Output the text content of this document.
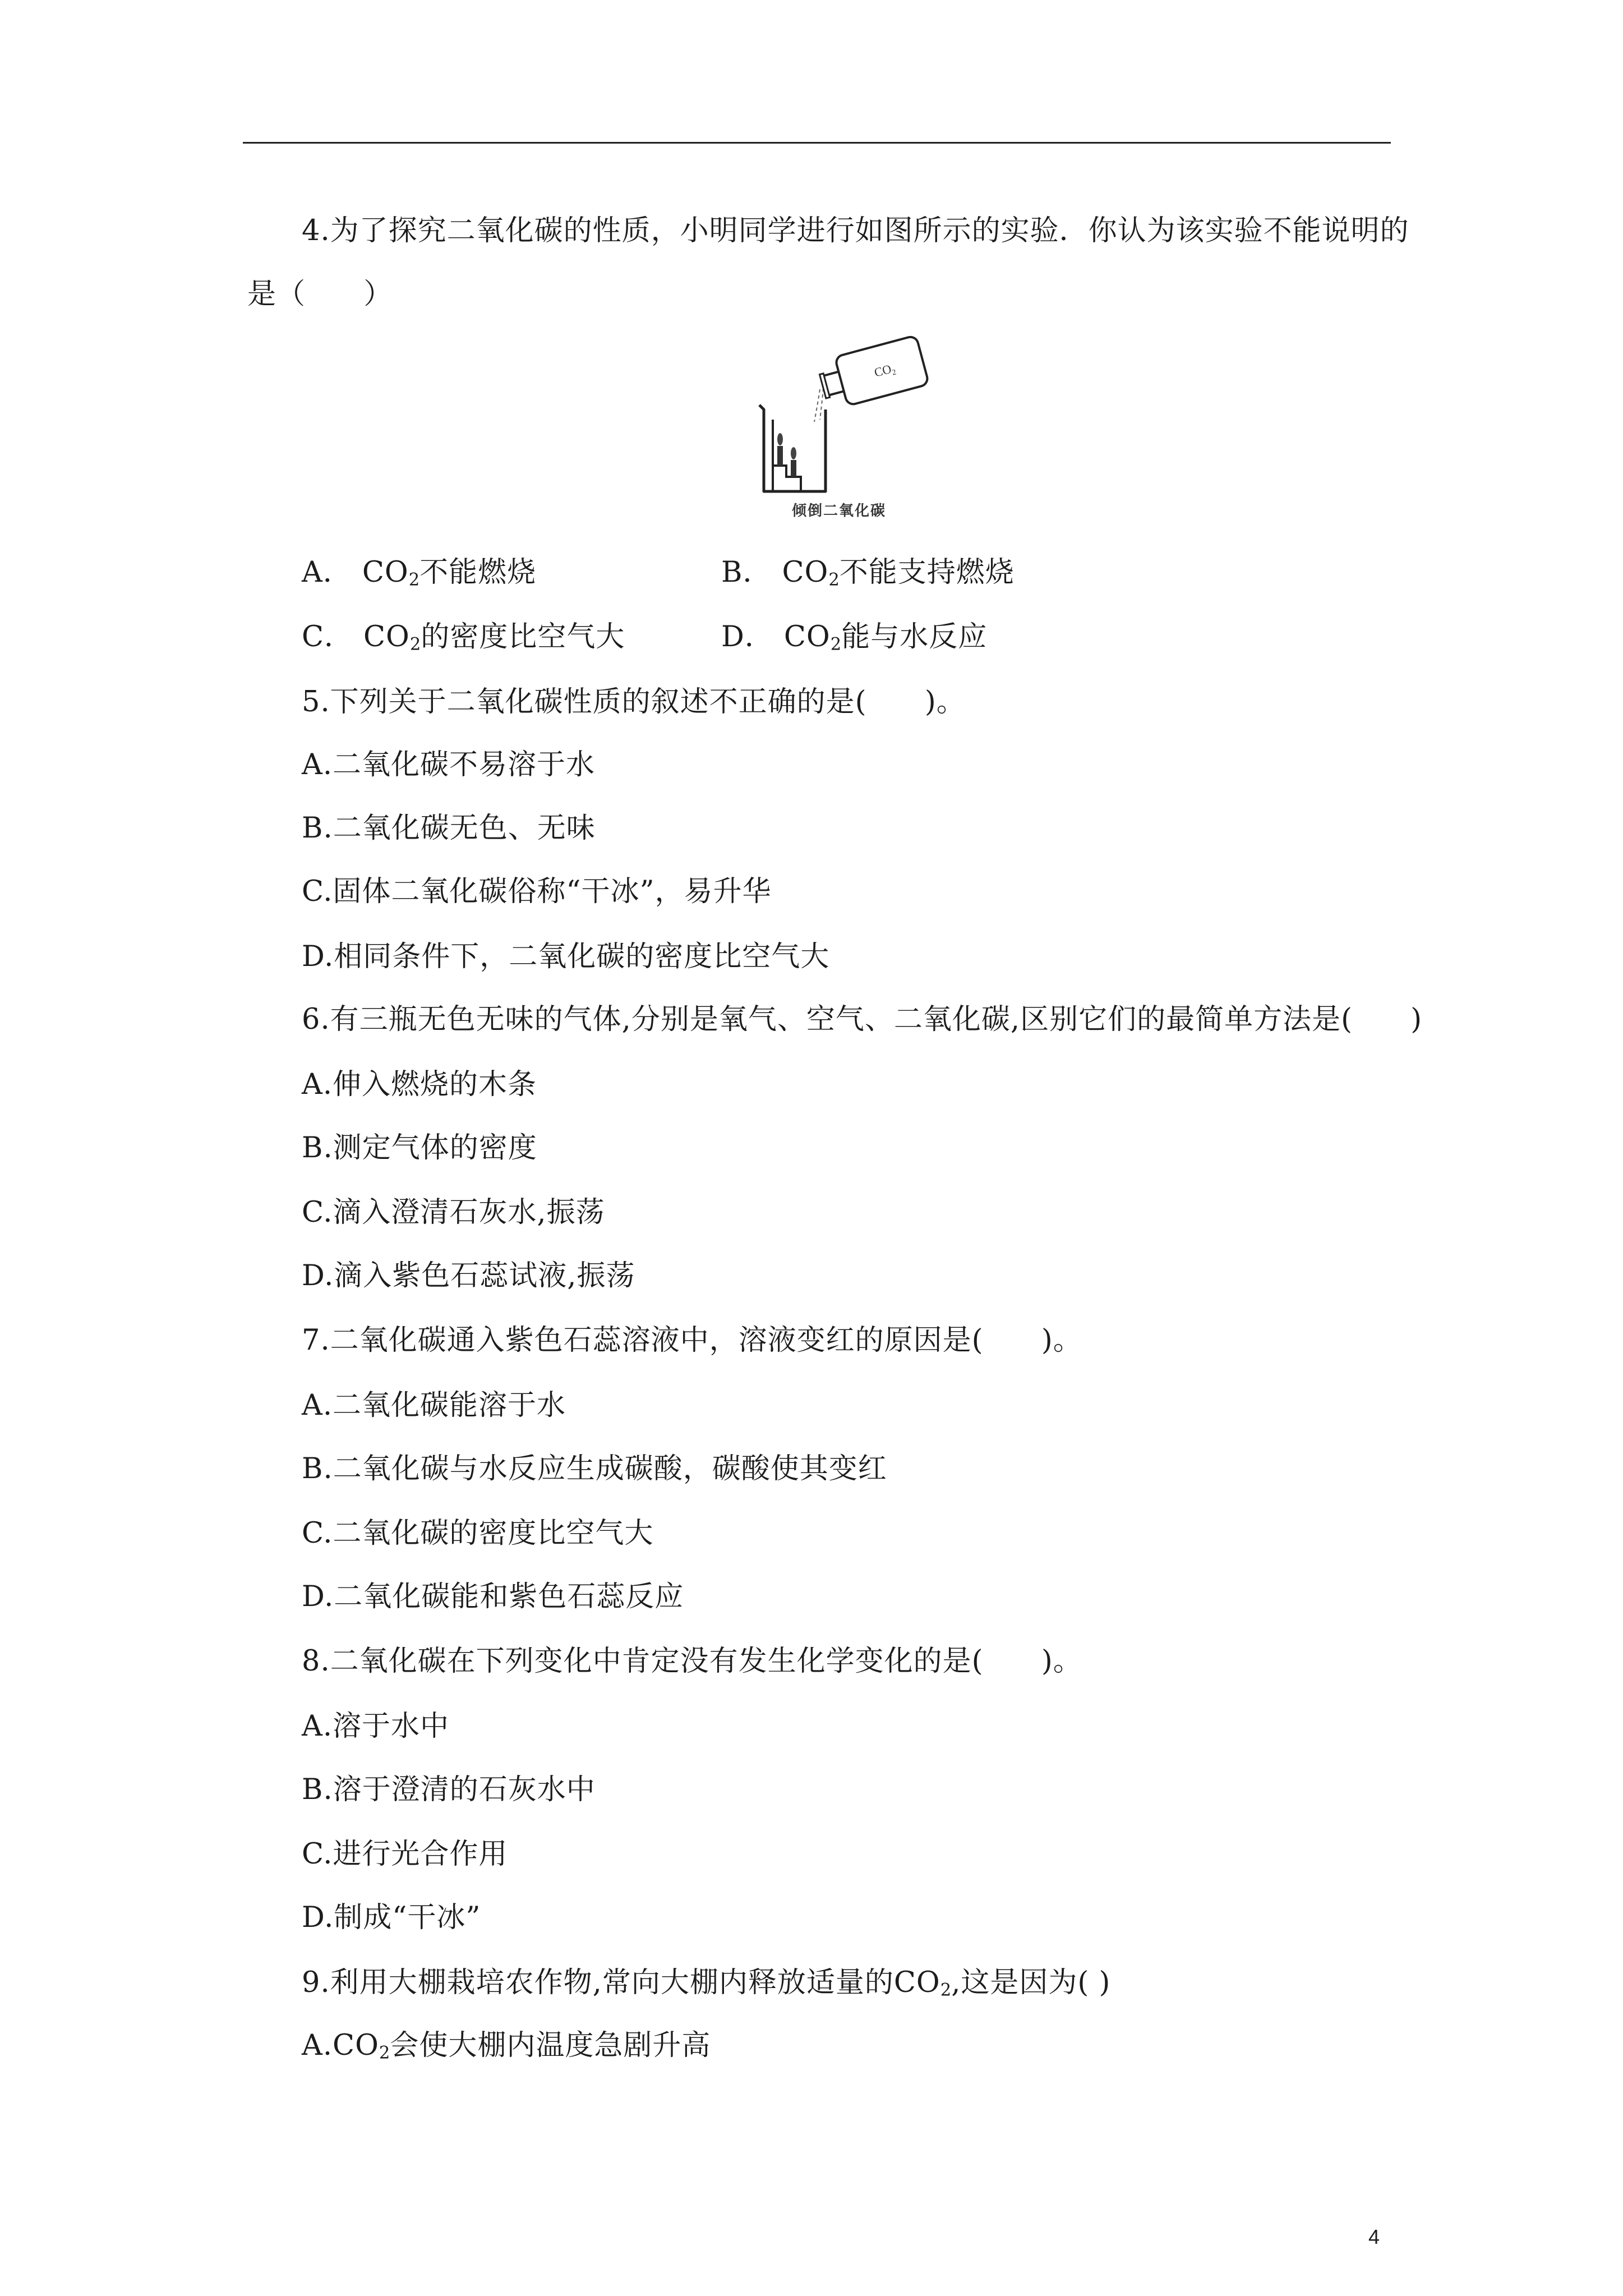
4.为了探究二氧化碳的性质，小明同学进行如图所示的实验．你认为该实验不能说明的
是（      ）
$CO_2$
倾倒二氧化碳
A． $CO_2$不能燃烧	B． $CO_2$不能支持燃烧
C． $CO_2$的密度比空气大	D． $CO_2$能与水反应
5.下列关于二氧化碳性质的叙述不正确的是(      )。
A.二氧化碳不易溶于水
B.二氧化碳无色、无味
C.固体二氧化碳俗称“干冰”，易升华
D.相同条件下，二氧化碳的密度比空气大
6.有三瓶无色无味的气体,分别是氧气、空气、二氧化碳,区别它们的最简单方法是(      )
A.伸入燃烧的木条
B.测定气体的密度
C.滴入澄清石灰水,振荡
D.滴入紫色石蕊试液,振荡
7.二氧化碳通入紫色石蕊溶液中，溶液变红的原因是(      )。
A.二氧化碳能溶于水
B.二氧化碳与水反应生成碳酸，碳酸使其变红
C.二氧化碳的密度比空气大
D.二氧化碳能和紫色石蕊反应
8.二氧化碳在下列变化中肯定没有发生化学变化的是(      )。
A.溶于水中
B.溶于澄清的石灰水中
C.进行光合作用
D.制成“干冰”
9.利用大棚栽培农作物,常向大棚内释放适量的$CO_2$,这是因为( )
$A.CO_2$会使大棚内温度急剧升高
4
